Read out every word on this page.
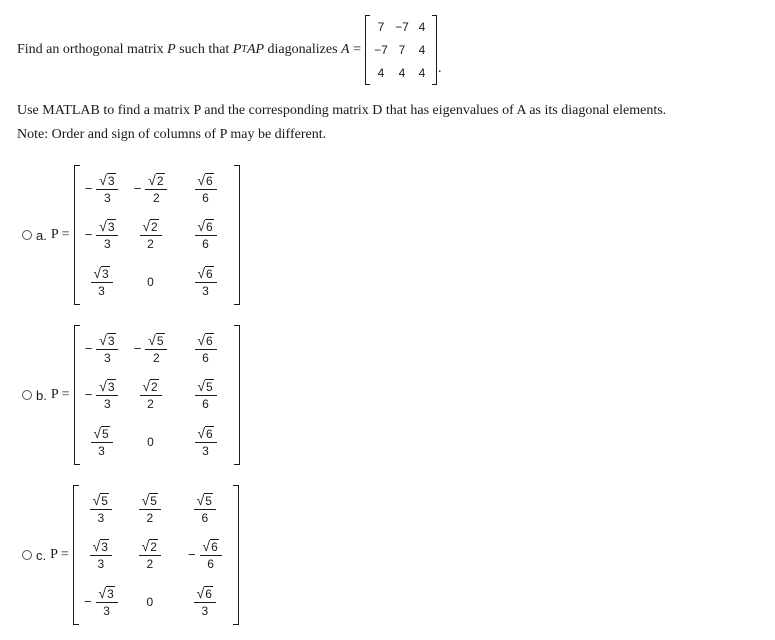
Find an orthogonal matrix
P
such that
P T AP
diagonalizes
A
=
7 −7 4
−7 7 4
4 4 4 .
Use MATLAB to find a matrix P and the corresponding matrix D that has eigenvalues of A as its diagonal elements.
Note: Order and sign of columns of P may be different.
a. P =
− $\frac{√ 3}{3} - \frac{√ 2}{2} \frac{√ 6}{6}$
− $\frac{√ 3}{3} \frac{√ 2}{2} \frac{√ 6}{6}$
$\frac{√ 3}{3}$	0	$\frac{√ 6}{3}$
b. P =
− $\frac{√ 3}{3} - \frac{√ 5}{2} \frac{√ 6}{6}$
− $\frac{√ 3}{3} \frac{√ 2}{2} \frac{√ 5}{6}$
$\frac{√ 5}{3}$	0	$\frac{√ 6}{3}$
c. P =
$\frac{√ 5}{3} \frac{√ 5}{2} \frac{√ 5}{6}$
$\frac{√ 3}{3} \frac{√ 2}{2} - \frac{√ 6}{6}$
− $\frac{√ 3}{3} 0$	$\frac{√ 6}{3}$
